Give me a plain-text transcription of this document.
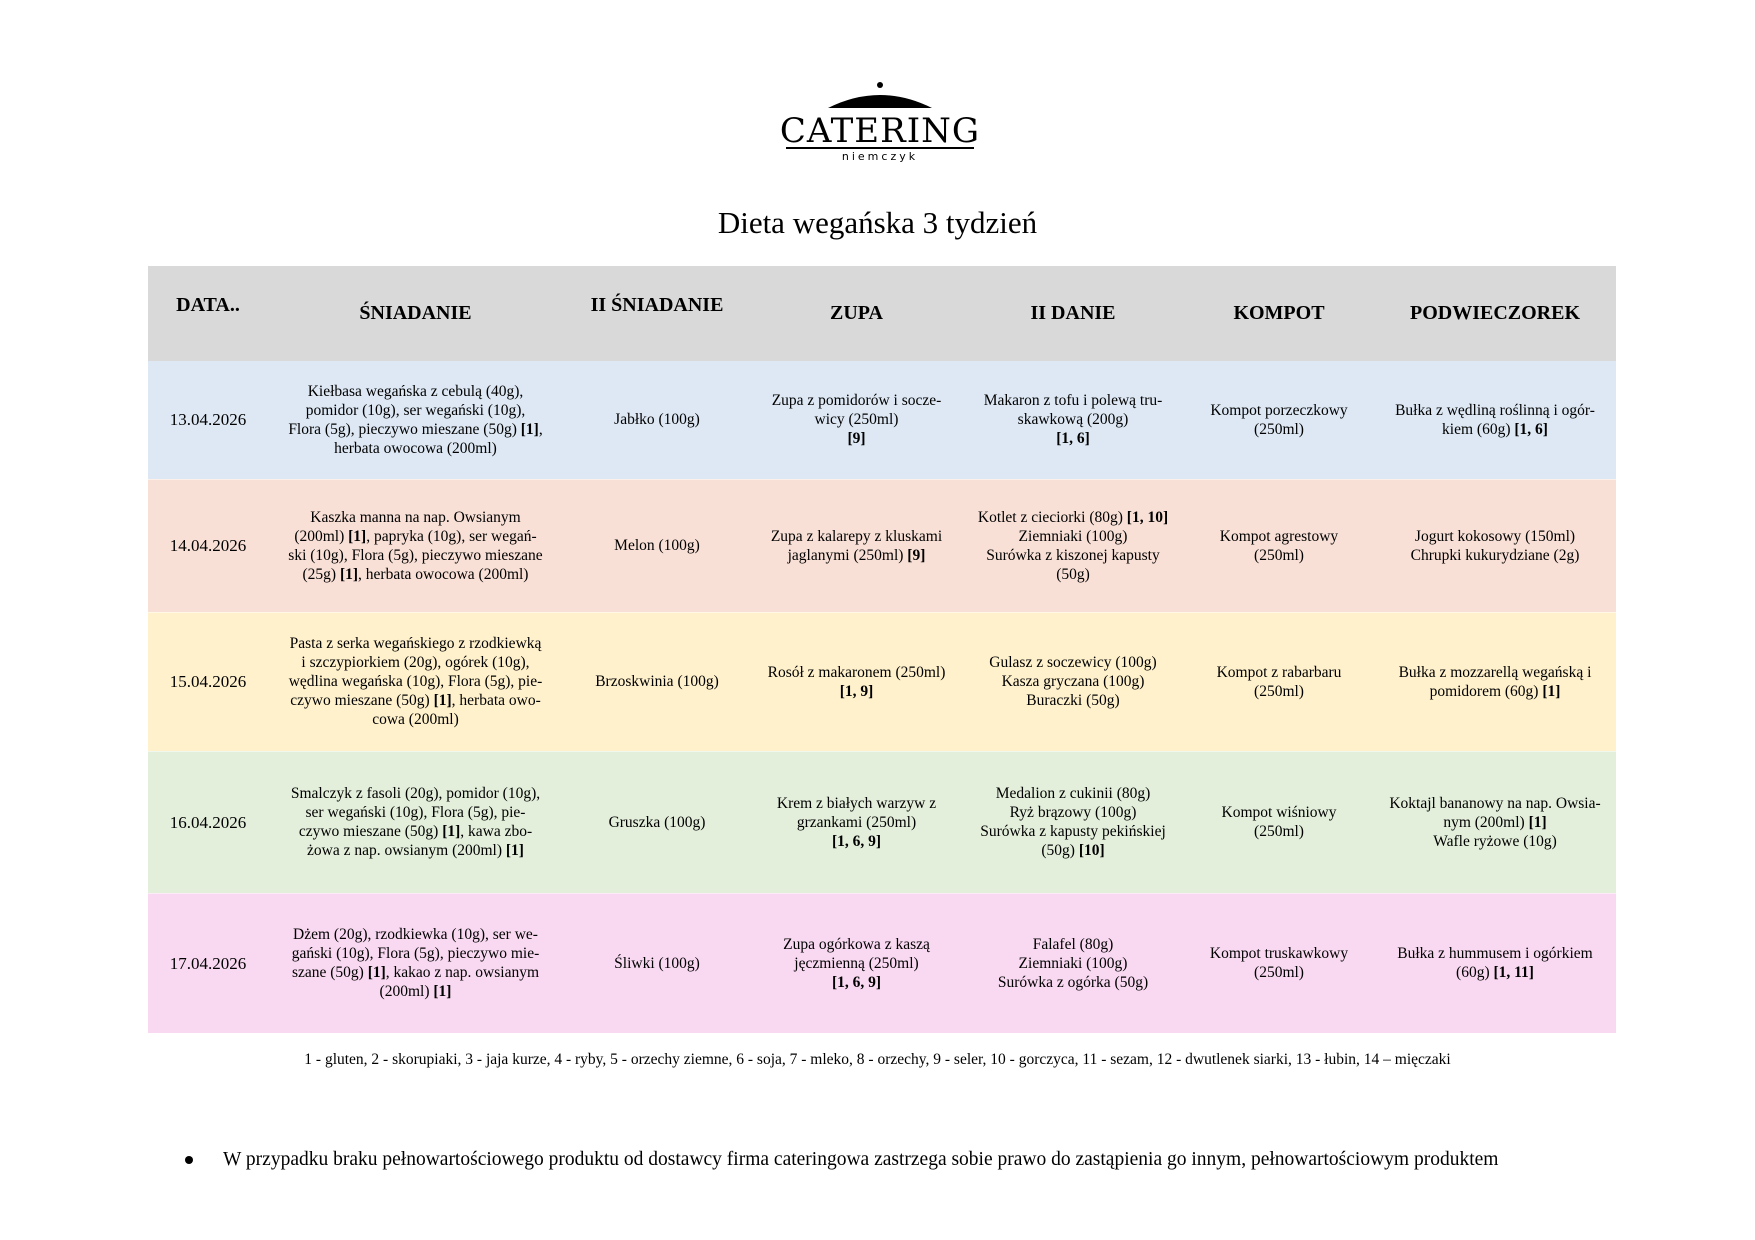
CATERING
niemczyk
Dieta wegańska 3 tydzień
DATA..	ŚNIADANIE	II ŚNIADANIE	ZUPA	II DANIE	KOMPOT	PODWIECZOREK
13.04.2026	Kiełbasa wegańska z cebulą (40g),
pomidor (10g), ser wegański (10g),
Flora (5g), pieczywo mieszane (50g) [1],
herbata owocowa (200ml)	Jabłko (100g)	Zupa z pomidorów i socze-
wicy (250ml)
[9]	Makaron z tofu i polewą tru-
skawkową (200g)
[1, 6]	Kompot porzeczkowy
(250ml)	Bułka z wędliną roślinną i ogór-
kiem (60g) [1, 6]

14.04.2026	Kaszka manna na nap. Owsianym
(200ml) [1], papryka (10g), ser wegań-
ski (10g), Flora (5g), pieczywo mieszane
(25g) [1], herbata owocowa (200ml)	Melon (100g)	Zupa z kalarepy z kluskami
jaglanymi (250ml) [9]	Kotlet z cieciorki (80g) [1, 10]
Ziemniaki (100g)
Surówka z kiszonej kapusty
(50g)	Kompot agrestowy
(250ml)	Jogurt kokosowy (150ml)
Chrupki kukurydziane (2g)

15.04.2026	Pasta z serka wegańskiego z rzodkiewką
i szczypiorkiem (20g), ogórek (10g),
wędlina wegańska (10g), Flora (5g), pie-
czywo mieszane (50g) [1], herbata owo-
cowa (200ml)	Brzoskwinia (100g)	Rosół z makaronem (250ml)
[1, 9]	Gulasz z soczewicy (100g)
Kasza gryczana (100g)
Buraczki (50g)	Kompot z rabarbaru
(250ml)	Bułka z mozzarellą wegańską i
pomidorem (60g) [1]

16.04.2026	Smalczyk z fasoli (20g), pomidor (10g),
ser wegański (10g), Flora (5g), pie-
czywo mieszane (50g) [1], kawa zbo-
żowa z nap. owsianym (200ml) [1]	Gruszka (100g)	Krem z białych warzyw z
grzankami (250ml)
[1, 6, 9]	Medalion z cukinii (80g)
Ryż brązowy (100g)
Surówka z kapusty pekińskiej
(50g) [10]	Kompot wiśniowy
(250ml)	Koktajl bananowy na nap. Owsia-
nym (200ml) [1]
Wafle ryżowe (10g)

17.04.2026	Dżem (20g), rzodkiewka (10g), ser we-
gański (10g), Flora (5g), pieczywo mie-
szane (50g) [1], kakao z nap. owsianym
(200ml) [1]	Śliwki (100g)	Zupa ogórkowa z kaszą
jęczmienną (250ml)
[1, 6, 9]	Falafel (80g)
Ziemniaki (100g)
Surówka z ogórka (50g)	Kompot truskawkowy
(250ml)	Bułka z hummusem i ogórkiem
(60g) [1, 11]
1 - gluten, 2 - skorupiaki, 3 - jaja kurze, 4 - ryby, 5 - orzechy ziemne, 6 - soja, 7 - mleko, 8 - orzechy, 9 - seler, 10 - gorczyca, 11 - sezam, 12 - dwutlenek siarki, 13 - łubin, 14 – mięczaki
W przypadku braku pełnowartościowego produktu od dostawcy firma cateringowa zastrzega sobie prawo do zastąpienia go innym, pełnowartościowym produktem
